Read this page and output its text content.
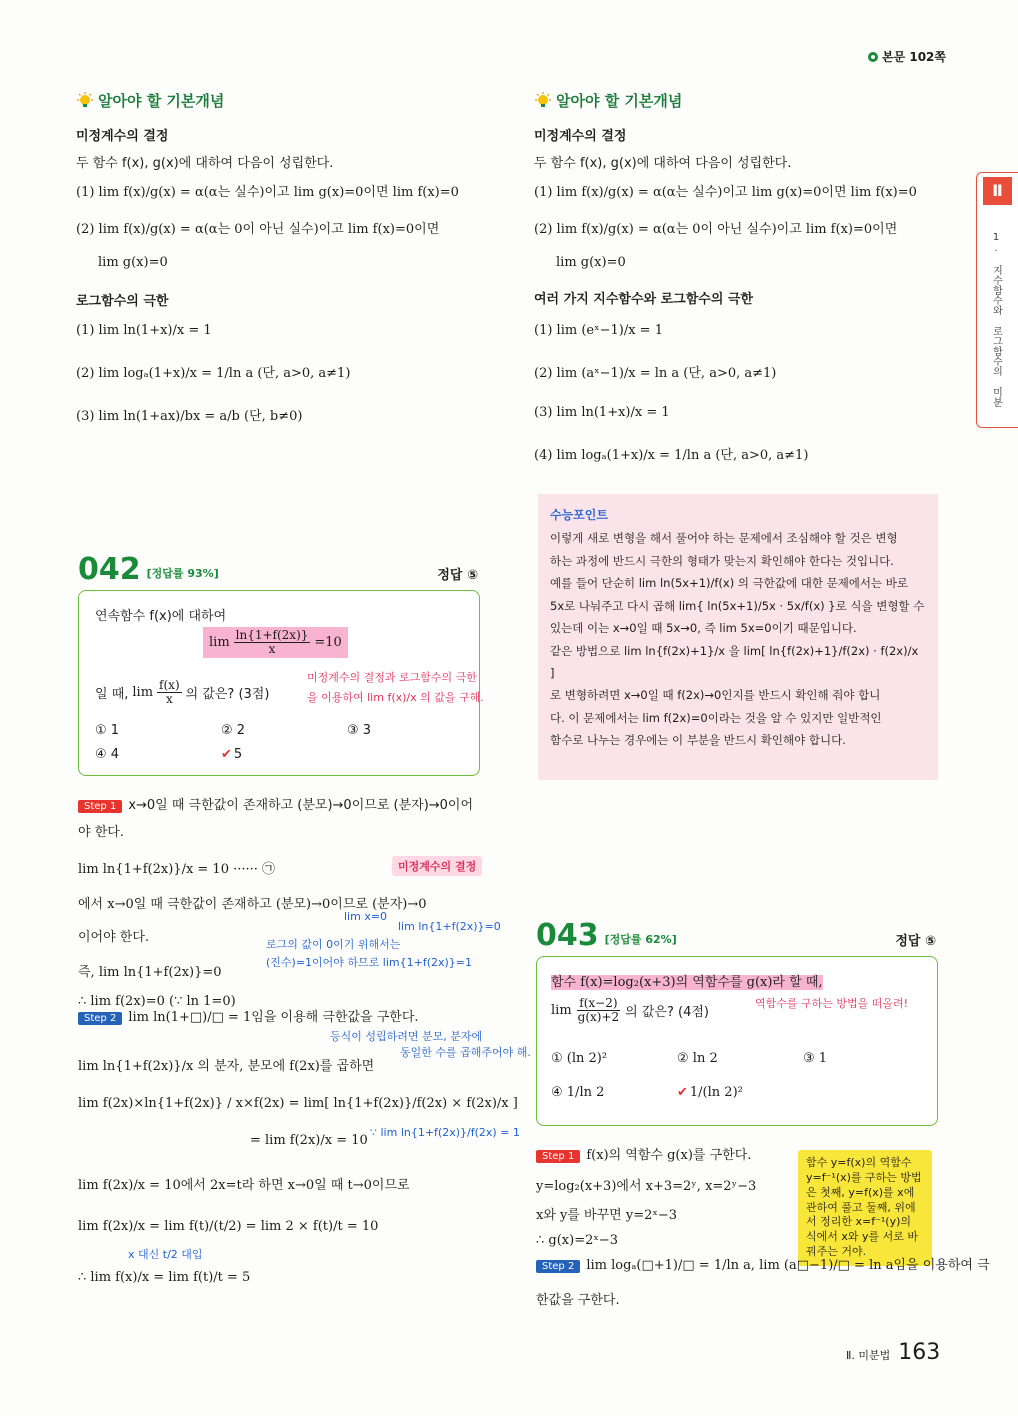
본문 102쪽
알아야 할 기본개념
미정계수의 결정
두 함수 f(x), g(x)에 대하여 다음이 성립한다.
(1) lim f(x)/g(x) = α(α는 실수)이고 lim g(x)=0이면 lim f(x)=0
(2) lim f(x)/g(x) = α(α는 0이 아닌 실수)이고 lim f(x)=0이면
lim g(x)=0
로그함수의 극한
(1) lim ln(1+x)/x = 1
(2) lim logₐ(1+x)/x = 1/ln a (단, a>0, a≠1)
(3) lim ln(1+ax)/bx = a/b (단, b≠0)
알아야 할 기본개념
미정계수의 결정
두 함수 f(x), g(x)에 대하여 다음이 성립한다.
(1) lim f(x)/g(x) = α(α는 실수)이고 lim g(x)=0이면 lim f(x)=0
(2) lim f(x)/g(x) = α(α는 0이 아닌 실수)이고 lim f(x)=0이면
lim g(x)=0
여러 가지 지수함수와 로그함수의 극한
(1) lim (eˣ−1)/x = 1
(2) lim (aˣ−1)/x = ln a (단, a>0, a≠1)
(3) lim ln(1+x)/x = 1
(4) lim logₐ(1+x)/x = 1/ln a (단, a>0, a≠1)
수능포인트
이렇게 새로 변형을 해서 풀어야 하는 문제에서 조심해야 할 것은 변형
하는 과정에 반드시 극한의 형태가 맞는지 확인해야 한다는 것입니다.
예를 들어 단순히 lim ln(5x+1)/f(x) 의 극한값에 대한 문제에서는 바로
5x로 나눠주고 다시 곱해 lim{ ln(5x+1)/5x · 5x/f(x) }로 식을 변형할 수
있는데 이는 x→0일 때 5x→0, 즉 lim 5x=0이기 때문입니다.
같은 방법으로 lim ln{f(2x)+1}/x 을 lim[ ln{f(2x)+1}/f(2x) · f(2x)/x ]
로 변형하려면 x→0일 때 f(2x)→0인지를 반드시 확인해 줘야 합니
다. 이 문제에서는 lim f(2x)=0이라는 것을 알 수 있지만 일반적인
함수로 나누는 경우에는 이 부분을 반드시 확인해야 합니다.
Ⅱ
1. 지수함수와 로그함수의 미분
042 [정답률 93%]	정답 ⑤
연속함수 f(x)에 대하여
$\lim \frac{\ln\{1+f(2x)\}}{x} =10$
일 때, $\lim \frac{f(x)}{x}$ 의 값은? (3점)
미정계수의 결정과 로그함수의 극한
을 이용하여 lim f(x)/x 의 값을 구해.
① 1	② 2	③ 3
④ 4	✔ 5
Step 1 x→0일 때 극한값이 존재하고 (분모)→0이므로 (분자)→0이어
야 한다.
lim ln{1+f(2x)}/x = 10 ······ ㉠
에서 x→0일 때 극한값이 존재하고 (분모)→0이므로 (분자)→0
이어야 한다.
즉, lim ln{1+f(2x)}=0
∴ lim f(2x)=0 (∵ ln 1=0)
미정계수의 결정
lim x=0
lim ln{1+f(2x)}=0
로그의 값이 0이기 위해서는
(진수)=1이어야 하므로 lim{1+f(2x)}=1
Step 2 lim ln(1+□)/□ = 1임을 이용해 극한값을 구한다.
lim ln{1+f(2x)}/x 의 분자, 분모에 f(2x)를 곱하면
lim f(2x)×ln{1+f(2x)} / x×f(2x) = lim[ ln{1+f(2x)}/f(2x) × f(2x)/x ]
= lim f(2x)/x = 10
lim f(2x)/x = 10에서 2x=t라 하면 x→0일 때 t→0이므로
lim f(2x)/x = lim f(t)/(t/2) = lim 2 × f(t)/t = 10
∴ lim f(x)/x = lim f(t)/t = 5
등식이 성립하려면 분모, 분자에
동일한 수를 곱해주어야 해.
∵ lim ln{1+f(2x)}/f(2x) = 1
x 대신 t/2 대입
043 [정답률 62%]	정답 ⑤
함수 f(x)=log₂(x+3)의 역함수를 g(x)라 할 때,
$\lim \frac{f(x-2)}{g(x)+2}$ 의 값은? (4점)
역함수를 구하는 방법을 떠올려!
① (ln 2)²	② ln 2	③ 1
④ 1/ln 2	✔ 1/(ln 2)²
Step 1 f(x)의 역함수 g(x)를 구한다.
y=log₂(x+3)에서 x+3=2ʸ, x=2ʸ−3
x와 y를 바꾸면 y=2ˣ−3
∴ g(x)=2ˣ−3
함수 y=f(x)의 역함수 y=f⁻¹(x)를 구하는 방법은 첫째, y=f(x)를 x에 관하여 풀고 둘째, 위에서 정리한 x=f⁻¹(y)의 식에서 x와 y를 서로 바꿔주는 거야.
Step 2 lim logₐ(□+1)/□ = 1/ln a, lim (a□−1)/□ = ln a임을 이용하여 극
한값을 구한다.
Ⅱ. 미분법 163
